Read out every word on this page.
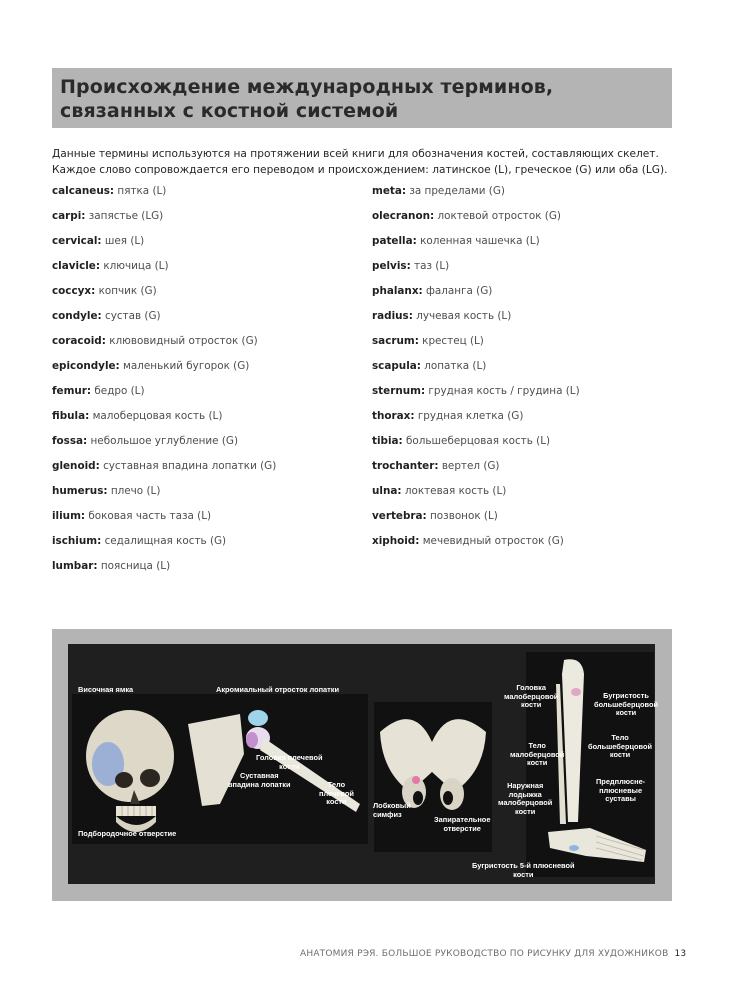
Происхождение международных терминов,
связанных с костной системой
Данные термины используются на протяжении всей книги для обозначения костей, составляющих скелет. Каждое слово сопровождается его переводом и происхождением: латинское (L), греческое (G) или оба (LG).
calcaneus: пятка (L)
carpi: запястье (LG)
cervical: шея (L)
clavicle: ключица (L)
coccyx: копчик (G)
condyle: сустав (G)
coracoid: клювовидный отросток (G)
epicondyle: маленький бугорок (G)
femur: бедро (L)
fibula: малоберцовая кость (L)
fossa: небольшое углубление (G)
glenoid: суставная впадина лопатки (G)
humerus: плечо (L)
ilium: боковая часть таза (L)
ischium: седалищная кость (G)
lumbar: поясница (L)
meta: за пределами (G)
olecranon: локтевой отросток (G)
patella: коленная чашечка (L)
pelvis: таз (L)
phalanx: фаланга (G)
radius: лучевая кость (L)
sacrum: крестец (L)
scapula: лопатка (L)
sternum: грудная кость / грудина (L)
thorax: грудная клетка (G)
tibia: большеберцовая кость (L)
trochanter: вертел (G)
ulna: локтевая кость (L)
vertebra: позвонок (L)
xiphoid: мечевидный отросток (G)
Височная ямка
Подбородочное отверстие
Акромиальный отросток лопатки
Головка плечевой
кости
Суставная
впадина лопатки	Тело
плечевой
кости	Лобковый
симфиз
Запирательное
отверстие
Головка
малоберцовой
кости
Бугристость
большеберцовой
кости
Тело
малоберцовой
кости
Тело
большеберцовой
кости
Наружная
лодыжка
малоберцовой
кости
Предплюсне-
плюсневые
суставы
Бугристость 5-й плюсневой
кости
АНАТОМИЯ РЭЯ. БОЛЬШОЕ РУКОВОДСТВО ПО РИСУНКУ ДЛЯ ХУДОЖНИКОВ 13
